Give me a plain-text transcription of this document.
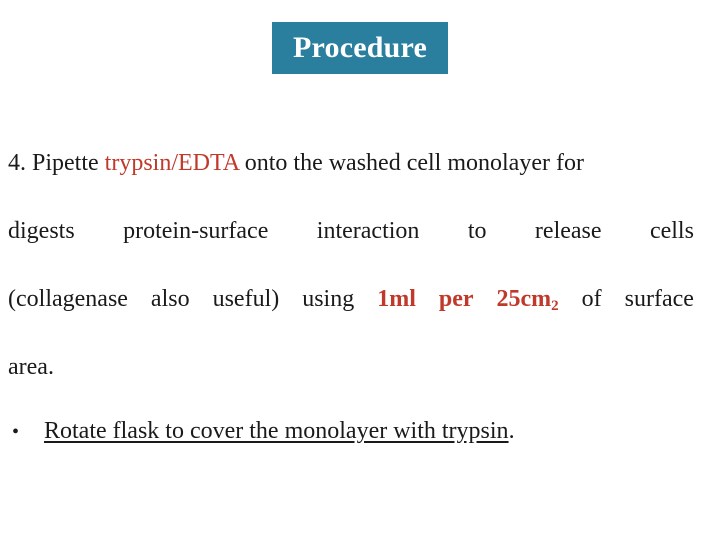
Procedure
4. Pipette trypsin/EDTA onto the washed cell monolayer for
digests protein-surface interaction to release cells
(collagenase also useful) using 1ml per $25cm_2$ of surface
area.
•	Rotate flask to cover the monolayer with trypsin .
